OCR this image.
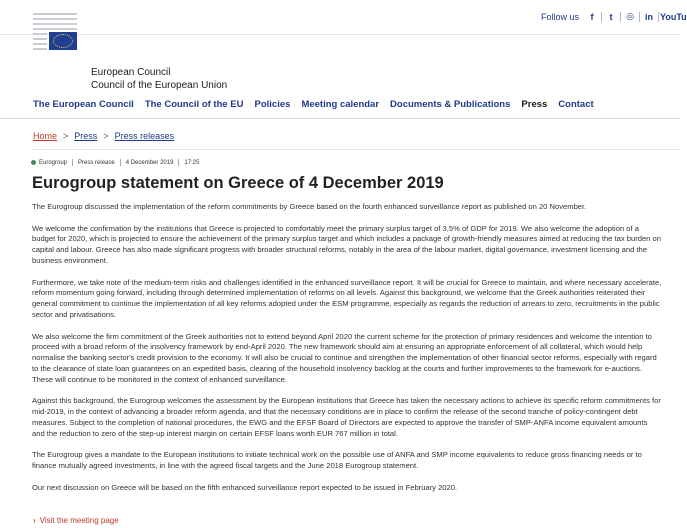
Follow us	f	t	◎	in YouTu
European Council
Council of the European Union
The European Council The Council of the EU Policies Meeting calendar Documents & Publications Press Contact
Home > Press > Press releases
Eurogroup Press release 4 December 2019 17:25
Eurogroup statement on Greece of 4 December 2019

The Eurogroup discussed the implementation of the reform commitments by Greece based on the fourth enhanced surveillance report as published on 20 November.

We welcome the confirmation by the institutions that Greece is projected to comfortably meet the primary surplus target of 3,5% of GDP for 2019. We also welcome the adoption of a budget for 2020, which is projected to ensure the achievement of the primary surplus target and which includes a package of growth-friendly measures aimed at reducing the tax burden on capital and labour. Greece has also made significant progress with broader structural reforms, notably in the area of the labour market, digital governance, investment licensing and the business environment.

Furthermore, we take note of the medium-term risks and challenges identified in the enhanced surveillance report. It will be crucial for Greece to maintain, and where necessary accelerate, reform momentum going forward, including through determined implementation of reforms on all levels. Against this background, we welcome that the Greek authorities reiterated their general commitment to continue the implementation of all key reforms adopted under the ESM programme, especially as regards the reduction of arrears to zero, recruitments in the public sector and privatisations.

We also welcome the firm commitment of the Greek authorities not to extend beyond April 2020 the current scheme for the protection of primary residences and welcome the intention to proceed with a broad reform of the insolvency framework by end-April 2020. The new framework should aim at ensuring an appropriate enforcement of all collateral, which would help normalise the banking sector's credit provision to the economy. It will also be crucial to continue and strengthen the implementation of other financial sector reforms, especially with regard to the clearance of state loan guarantees on an expedited basis, clearing of the household insolvency backlog at the courts and further improvements to the framework for e-auctions. These will continue to be monitored in the context of enhanced surveillance.

Against this background, the Eurogroup welcomes the assessment by the European institutions that Greece has taken the necessary actions to achieve its specific reform commitments for mid-2019, in the context of advancing a broader reform agenda, and that the necessary conditions are in place to confirm the release of the second tranche of policy-contingent debt measures. Subject to the completion of national procedures, the EWG and the EFSF Board of Directors are expected to approve the transfer of SMP-ANFA income equivalent amounts and the reduction to zero of the step-up interest margin on certain EFSF loans worth EUR 767 million in total.

The Eurogroup gives a mandate to the European institutions to initiate technical work on the possible use of ANFA and SMP income equivalents to reduce gross financing needs or to finance mutually agreed investments, in line with the agreed fiscal targets and the June 2018 Eurogroup statement.

Our next discussion on Greece will be based on the fifth enhanced surveillance report expected to be issued in February 2020.

› Visit the meeting page
